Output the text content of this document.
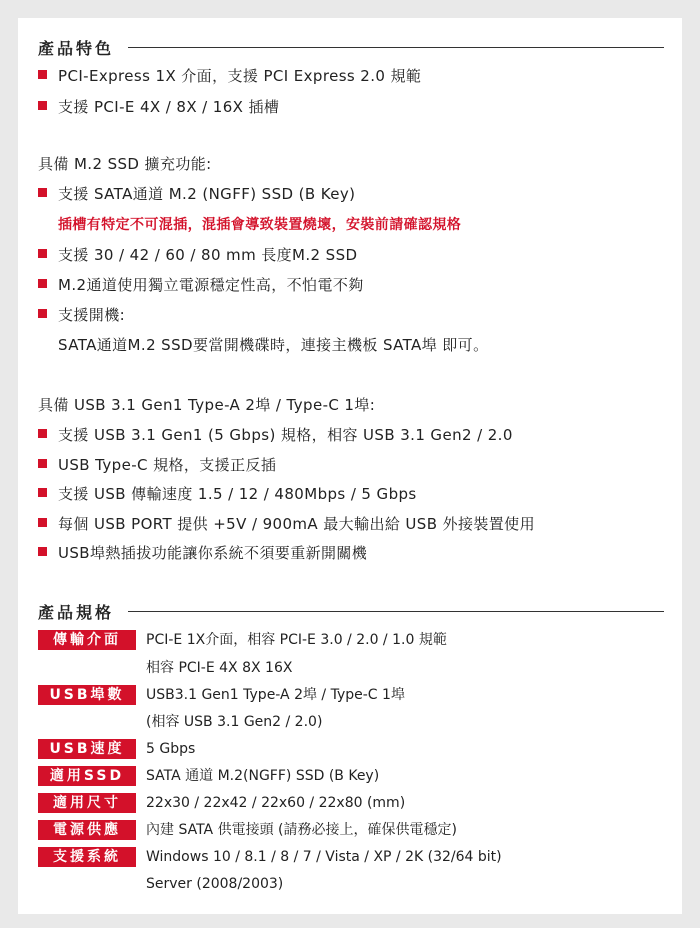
產品特色
PCI-Express 1X 介面，支援 PCI Express 2.0 規範
支援 PCI-E 4X / 8X / 16X 插槽
具備 M.2 SSD 擴充功能:
支援 SATA通道 M.2 (NGFF) SSD (B Key)
插槽有特定不可混插，混插會導致裝置燒壞，安裝前請確認規格
支援 30 / 42 / 60 / 80 mm 長度M.2 SSD
M.2通道使用獨立電源穩定性高，不怕電不夠
支援開機:
SATA通道M.2 SSD要當開機碟時，連接主機板 SATA埠 即可。
具備 USB 3.1 Gen1 Type-A 2埠 / Type-C 1埠:
支援 USB 3.1 Gen1 (5 Gbps) 規格，相容 USB 3.1 Gen2 / 2.0
USB Type-C 規格，支援正反插
支援 USB 傳輸速度 1.5 / 12 / 480Mbps / 5 Gbps
每個 USB PORT 提供 +5V / 900mA 最大輸出給 USB 外接裝置使用
USB埠熱插拔功能讓你系統不須要重新開關機
產品規格
傳輸介面	PCI-E 1X介面，相容 PCI-E 3.0 / 2.0 / 1.0 規範
相容 PCI-E 4X 8X 16X
USB埠數	USB3.1 Gen1 Type-A 2埠 / Type-C 1埠
(相容 USB 3.1 Gen2 / 2.0)
USB速度	5 Gbps
適用SSD	SATA 通道 M.2(NGFF) SSD (B Key)
適用尺寸	22x30 / 22x42 / 22x60 / 22x80 (mm)
電源供應	內建 SATA 供電接頭 (請務必接上，確保供電穩定)
支援系統	Windows 10 / 8.1 / 8 / 7 / Vista / XP / 2K (32/64 bit)
Server (2008/2003)
